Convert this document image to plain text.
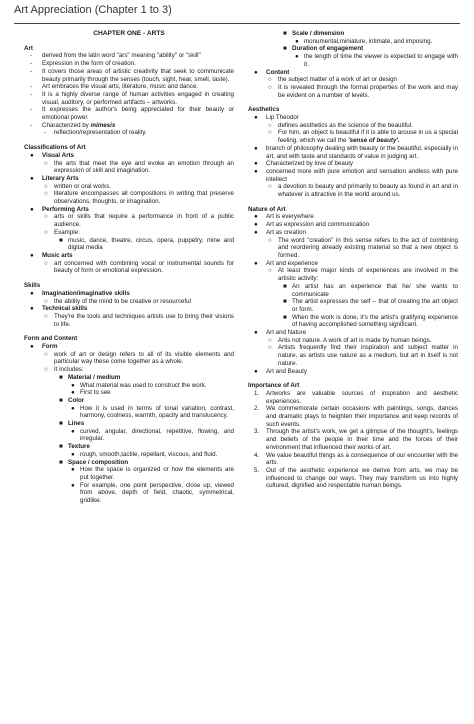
Art Appreciation (Chapter 1 to 3)
CHAPTER ONE - ARTS
Art
- derived from the latin word "ars" meaning "ability" or "skill"
- Expression in the form of creation.
- It covers those areas of artistic creativity that seek to communicate beauty primarily through the senses (touch, sight, hear, smell, taste).
- Art embraces the visual arts, literature, music and dance.
- It is a highly diverse range of human activities engaged in creating visual, auditory, or performed artifacts – artworks.
- It expresses the author's being appreciated for their beauty or emotional power.
- Characterized by mimesis
- reflection/representation of reality.
Classifications of Art
● Visual Arts
○ the arts that meet the eye and evoke an emotion through an expression of skill and imagination.
● Literary Arts
○ written or oral works.
○ literature encompasses all compositions in writing that preserve observations, thoughts, or imagination.
● Performing Arts
○ arts or skills that require a performance in front of a public audience.
○ Example:
■ music, dance, theatre, circus, opera, puppetry, mine and digital media
● Music arts
○ art concerned with combining vocal or instrumental sounds for beauty of form or emotional expression.
Skills
● Imagination/imaginative skills
○ the ability of the mind to be creative or resourceful
● Technical skills
○ They're the tools and techniques artists use to bring their visions to life.
Form and Content
● Form
○ work of art or design refers to all of its visible elements and particular way these come together as a whole.
○ It includes:
■ Material / medium
● What material was used to construct the work.
● First to see
■ Color
● How it is used in terms of tonal variation, contrast, harmony, coolness, warmth, opacity and translucency.
■ Lines
● curved, angular, directional, repetitive, flowing, and irregular.
■ Texture
● rough, smooth,tactile, repellant, viscous, and fluid.
■ Space / composition
● How the space is organized or how the elements are put together.
● For example, one point perspective, close up, viewed from above, depth of field, chaotic, symmetrical, gridlike.
■ Scale / dimension
● monumental,miniature, intimate, and imposing.
■ Duration of engagement
● the length of time the viewer is expected to engage with it.
● Content
○ the subject matter of a work of art or design
○ It is revealed through the formal properties of the work and may be evident on a number of levels.
Aesthetics
● Lip Theodor
○ defines aesthetics as the science of the beautiful.
○ For him, an object is beautiful if it is able to arouse in us a special feeling, which we call the 'sense of beauty'.
● branch of philosophy dealing with beauty or the beautiful, especially in art, and with taste and standards of value in judging art.
● Characterized by love of beauty
● concerned more with pure emotion and sensation andless with pure intellect
○ a devotion to beauty and primarily to beauty as found in art and in whatever is attractive in the world around us.
Nature of Art
● Art is everywhere
● Art as expression and communication
● Art as creation
○ The word "creation" in this sense refers to the act of combining and reordering already existing material so that a new object is formed.
● Art and experience
○ At least three major kinds of experiences are involved in the artistic activity:
■ An artist has an experience that he/ she wants to communicate
■ The artist expresses the self -- that of creating the art object or form.
■ When the work is done, it's the artist's gratifying experience of having accomplished something significant.
● Art and Nature
○ Artis not nature. A work of art is made by human beings.
○ Artists frequently find their inspiration and subject matter in nature, as artists use nature as a medium, but art in itself is not nature.
● Art and Beauty
Importance of Art
1. Artworks are valuable sources of inspiration and aesthetic experiences.
2. We commemorate certain occasions with paintings, songs, dances and dramatic plays to heighten their importance and keep records of such events.
3. Through the artist's work, we get a glimpse of the thought's, feelings and beliefs of the people in their time and the forces of their environment that influenced their works of art.
4. We value beautiful things as a consequence of our encounter with the arts.
5. Out of the aesthetic experience we derive from arts, we may be influenced to change our ways. They may transform us into highly cultured, dignified and respectable human beings.
